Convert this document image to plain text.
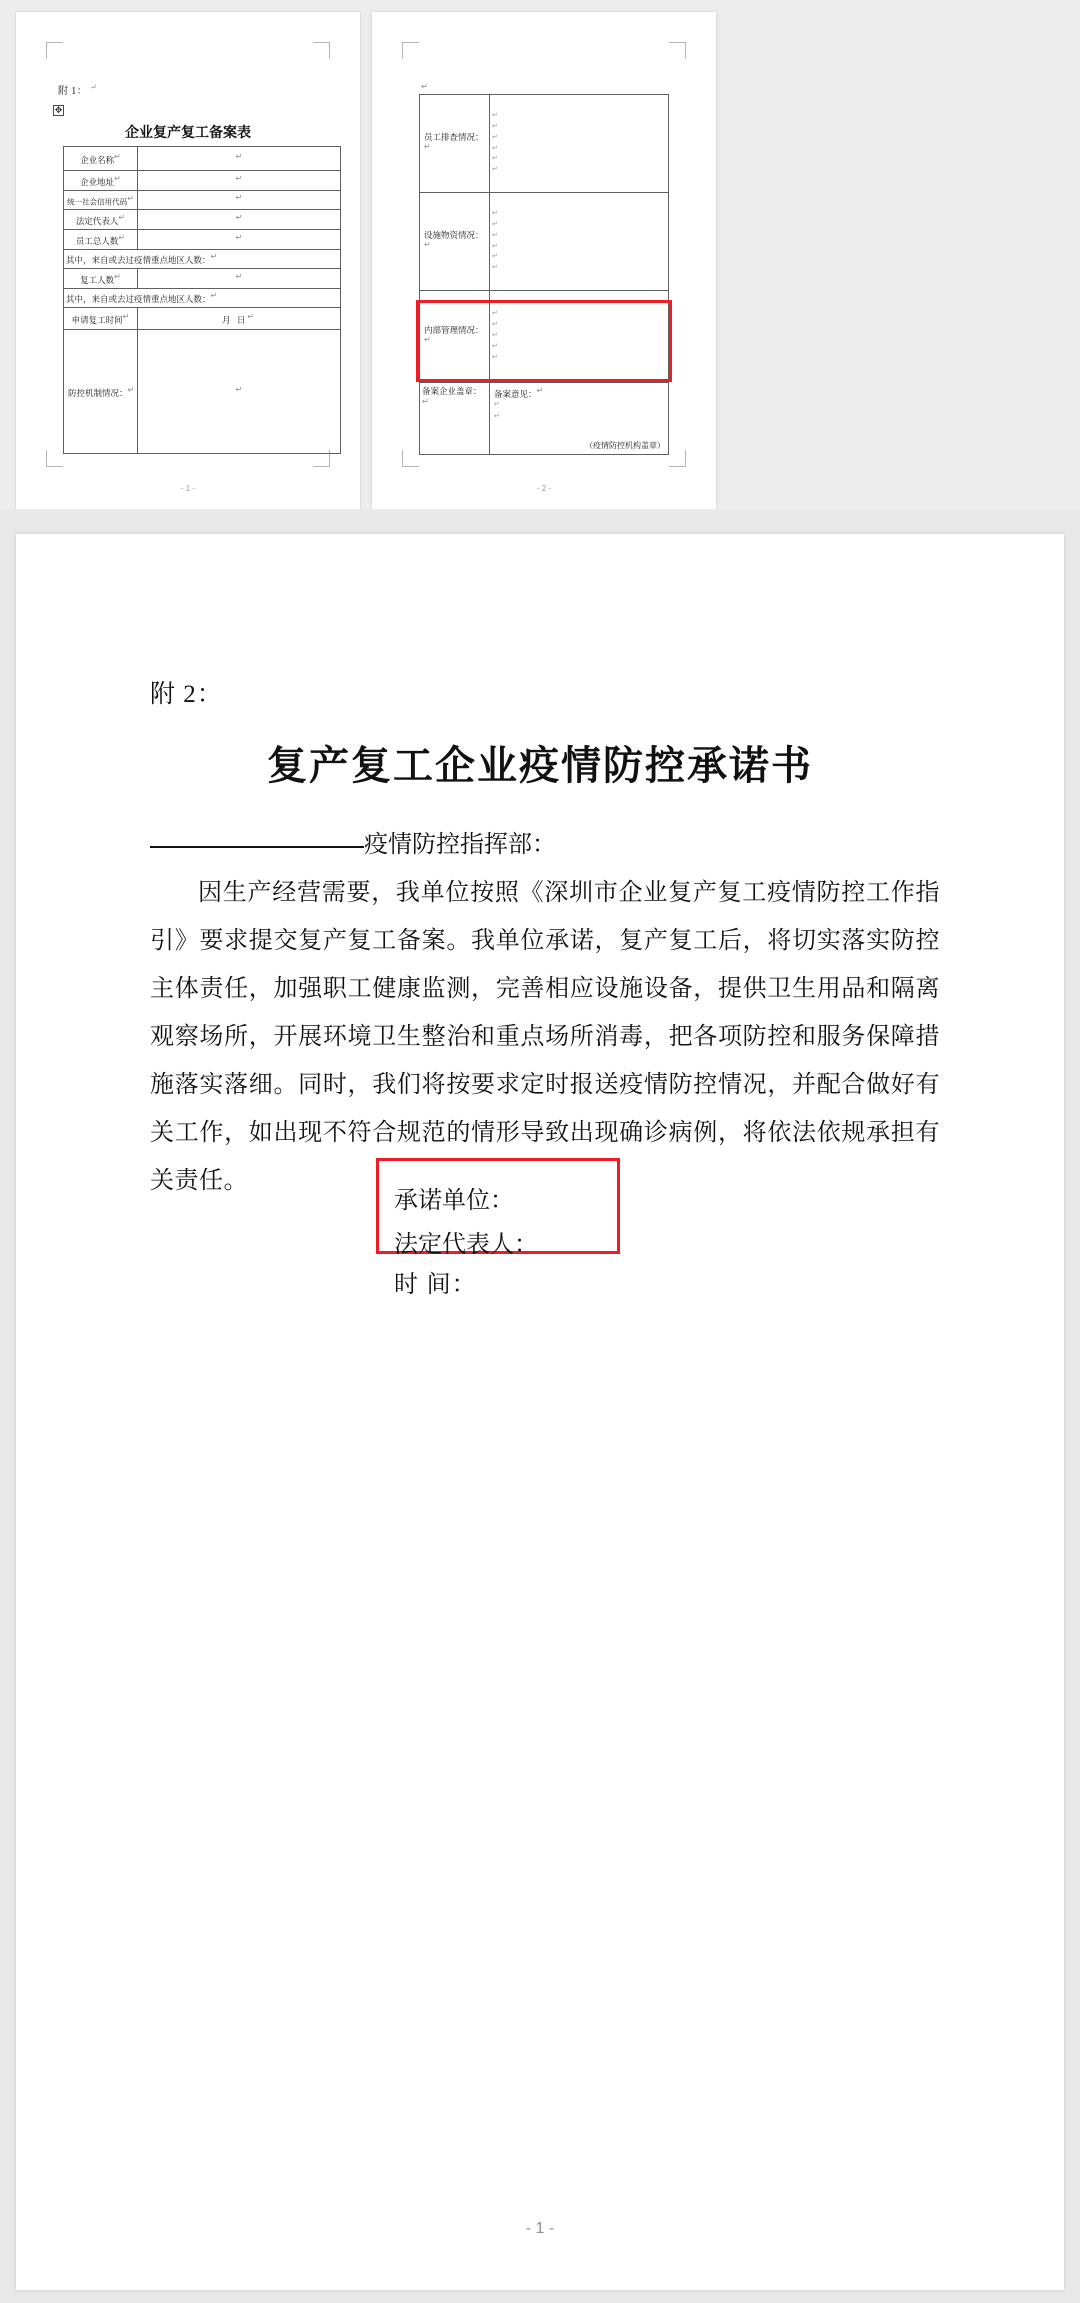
附 1： ↵
✥
企业复产复工备案表
企业名称↵	↵
企业地址↵	↵
统一社会信用代码↵	↵
法定代表人↵	↵
员工总人数↵	↵
其中，来自或去过疫情重点地区人数：↵	
复工人数↵	↵
其中，来自或去过疫情重点地区人数：↵	
申请复工时间↵	月 日↵

防控机制情况：↵	↵
- 1 -
↵
员工排查情况：↵

↵
↵
↵
↵
↵
↵

设施物资情况：↵

↵
↵
↵
↵
↵
↵

内部管理情况：↵	↵
↵
↵
↵
↵

备案企业盖章：↵	备案意见：↵
↵
↵
（疫情防控机构盖章）
- 2 -
附 2：
复产复工企业疫情防控承诺书
疫情防控指挥部：
因生产经营需要，我单位按照《深圳市企业复产复工疫情防控工作指引》要求提交复产复工备案。我单位承诺，复产复工后，将切实落实防控主体责任，加强职工健康监测，完善相应设施设备，提供卫生用品和隔离观察场所，开展环境卫生整治和重点场所消毒，把各项防控和服务保障措施落实落细。同时，我们将按要求定时报送疫情防控情况，并配合做好有关工作，如出现不符合规范的情形导致出现确诊病例，将依法依规承担有关责任。
承诺单位：
法定代表人：
时 间：
- 1 -
